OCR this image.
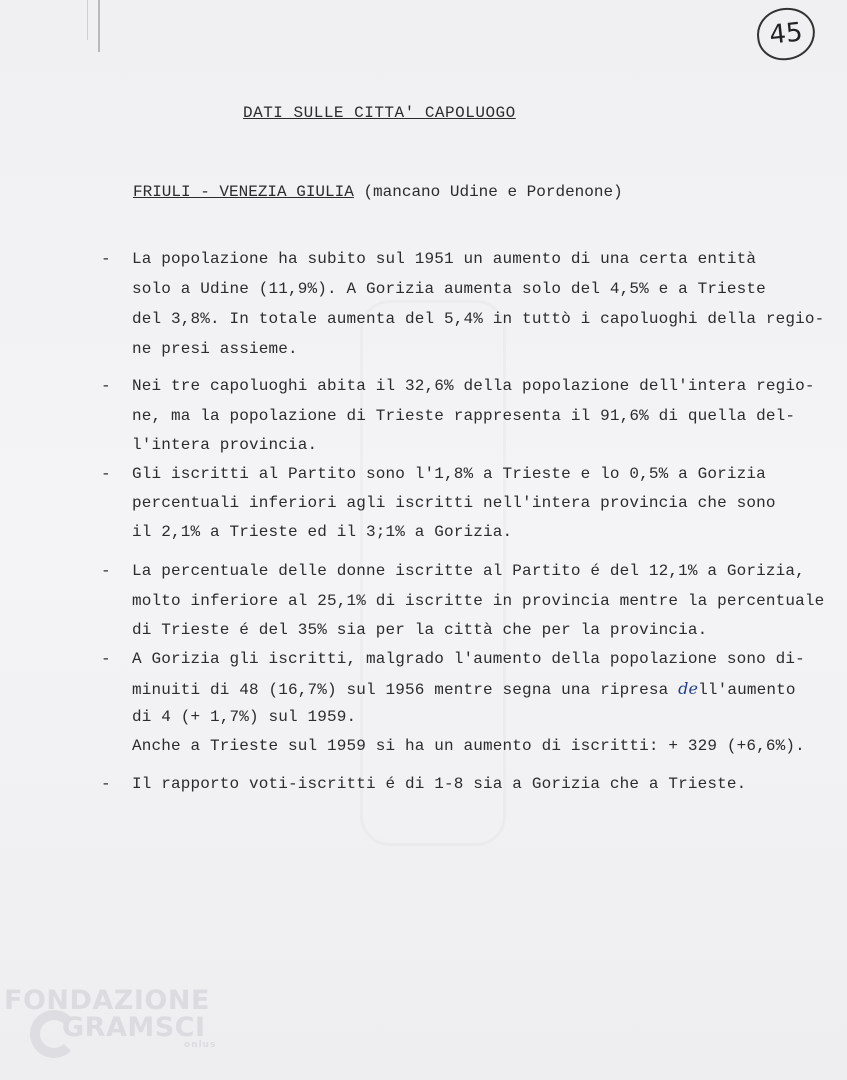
45
DATI SULLE CITTA' CAPOLUOGO
FRIULI - VENEZIA GIULIA (mancano Udine e Pordenone)
- La popolazione ha subito sul 1951 un aumento di una certa entità
solo a Udine (11,9%). A Gorizia aumenta solo del 4,5% e a Trieste
del 3,8%. In totale aumenta del 5,4% in tuttò i capoluoghi della regio-
ne presi assieme.
- Nei tre capoluoghi abita il 32,6% della popolazione dell'intera regio-
ne, ma la popolazione di Trieste rappresenta il 91,6% di quella del-
l'intera provincia.
- Gli iscritti al Partito sono l'1,8% a Trieste e lo 0,5% a Gorizia
percentuali inferiori agli iscritti nell'intera provincia che sono
il 2,1% a Trieste ed il 3;1% a Gorizia.
- La percentuale delle donne iscritte al Partito é del 12,1% a Gorizia,
molto inferiore al 25,1% di iscritte in provincia mentre la percentuale
di Trieste é del 35% sia per la città che per la provincia.
- A Gorizia gli iscritti, malgrado l'aumento della popolazione sono di-
minuiti di 48 (16,7%) sul 1956 mentre segna una ripresa dell'aumento
di 4 (+ 1,7%) sul 1959.
Anche a Trieste sul 1959 si ha un aumento di iscritti: + 329 (+6,6%).
- Il rapporto voti-iscritti é di 1-8 sia a Gorizia che a Trieste.
FONDAZIONE
GRAMSCI
onlus
